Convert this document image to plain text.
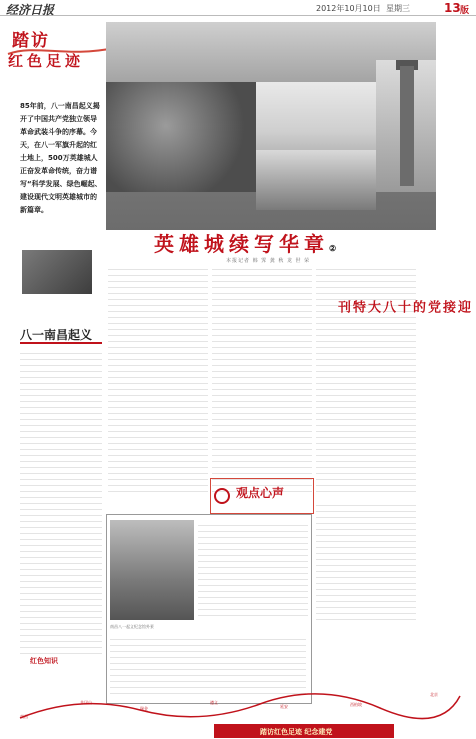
经济日报	2012年10月10日 星期三	13 版
踏访
红色足迹
85年前，八一南昌起义揭开了中国共产党独立领导革命武装斗争的序幕。今天，在八一军旗升起的红土地上，500万英雄城人正奋发革命传统，奋力谱写“科学发展、绿色崛起、建设现代文明英雄城市的新篇章。
英雄城续写华章②
本报记者 韩 霁 龚 秋 龙 世 荣
八一南昌起义
迎
接
党
的
十
八
大
特
刊
观点心声
南昌八一起义纪念馆外景
红色知识
南昌
井冈山
瑞金
遵义
延安	西柏坡
北京
踏访红色足迹 纪念建党
